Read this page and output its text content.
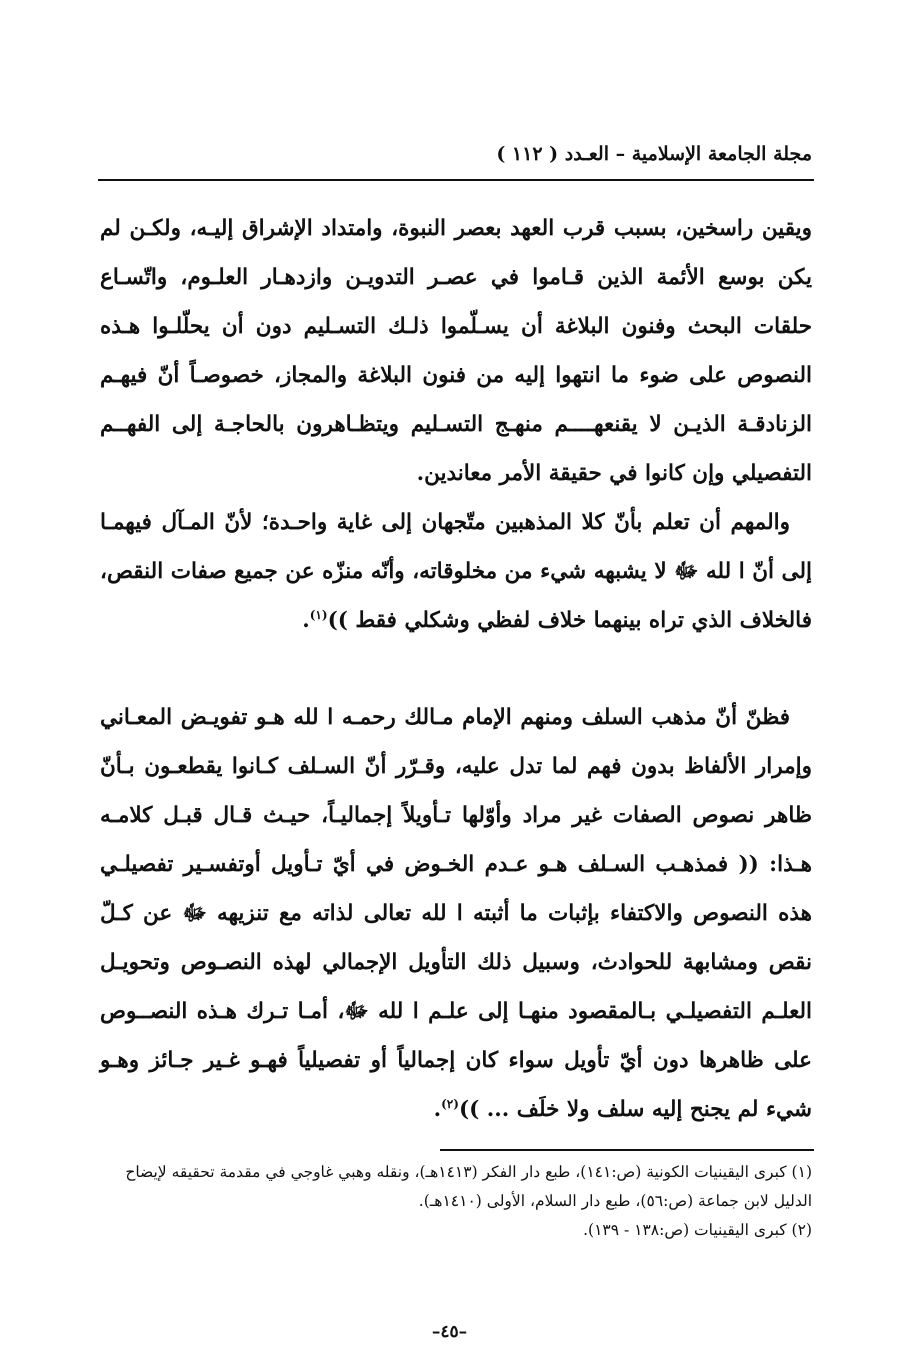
مجلة الجامعة الإسلامية – العـدد ( ١١٢ )

ويقين راسخين، بسبب قرب العهد بعصر النبوة، وامتداد الإشراق إليـه، ولكـن لم يكن بوسع الأئمة الذين قـاموا في عصـر التدويـن وازدهـار العلـوم، واتّسـاع حلقات البحث وفنون البلاغة أن يسـلّموا ذلـك التسـليم دون أن يحلّلـوا هـذه النصوص على ضوء ما انتهوا إليه من فنون البلاغة والمجاز، خصوصـاً أنّ فيهـم الزنادقـة الذيـن لا يقنعهــــم منهـج التسـليم ويتظـاهرون بالحاجـة إلى الفهــم التفصيلي وإن كانوا في حقيقة الأمر معاندين.

والمهم أن تعلم بأنّ كلا المذهبين متّجهان إلى غاية واحـدة؛ لأنّ المـآل فيهمـا إلى أنّ ا لله ﷻ لا يشبهه شيء من مخلوقاته، وأنّه منزّه عن جميع صفات النقص، فالخلاف الذي تراه بينهما خلاف لفظي وشكلي فقط ))$^{(١)}$.

فظنّ أنّ مذهب السلف ومنهم الإمام مـالك رحمـه ا لله هـو تفويـض المعـاني وإمرار الألفاظ بدون فهم لما تدل عليه، وقـرّر أنّ السـلف كـانوا يقطعـون بـأنّ ظاهر نصوص الصفات غير مراد وأوّلها تـأويلاً إجماليـاً، حيـث قـال قبـل كلامـه هـذا: (( فمذهـب السـلف هـو عـدم الخـوض في أيّ تـأويل أوتفسـير تفصيلـي هذه النصوص والاكتفاء بإثبات ما أثبته ا لله تعالى لذاته مع تنزيهه ﷻ عن كـلّ نقص ومشابهة للحوادث، وسبيل ذلك التأويل الإجمالي لهذه النصـوص وتحويـل العلـم التفصيلـي بـالمقصود منهـا إلى علـم ا لله ﷻ، أمـا تـرك هـذه النصــوص على ظاهرها دون أيّ تأويل سواء كان إجمالياً أو تفصيلياً فهـو غـير جـائز وهـو شيء لم يجنح إليه سلف ولا خلَف ... ))$^{(٢)}$.

(١) كبرى اليقينيات الكونية (ص:١٤١)، طبع دار الفكر (١٤١٣هـ)، ونقله وهبي غاوجي في مقدمة تحقيقه لإيضاح الدليل لابن جماعة (ص:٥٦)، طبع دار السلام، الأولى (١٤١٠هـ).

(٢) كبرى اليقينيات (ص:١٣٨ - ١٣٩).

–٤٥–
